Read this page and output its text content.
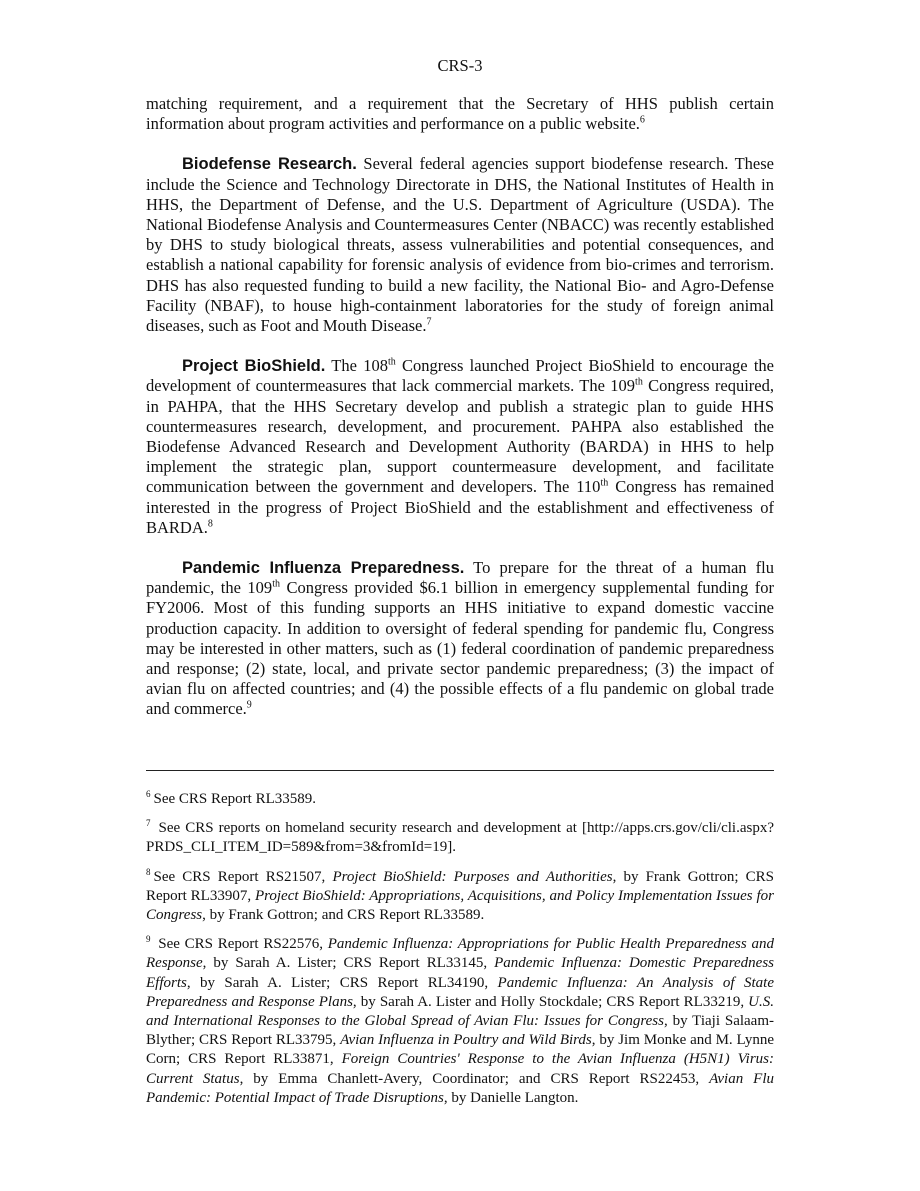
CRS-3

matching requirement, and a requirement that the Secretary of HHS publish certain information about program activities and performance on a public website.$^6$

Biodefense Research. Several federal agencies support biodefense research. These include the Science and Technology Directorate in DHS, the National Institutes of Health in HHS, the Department of Defense, and the U.S. Department of Agriculture (USDA). The National Biodefense Analysis and Countermeasures Center (NBACC) was recently established by DHS to study biological threats, assess vulnerabilities and potential consequences, and establish a national capability for forensic analysis of evidence from bio-crimes and terrorism. DHS has also requested funding to build a new facility, the National Bio- and Agro-Defense Facility (NBAF), to house high-containment laboratories for the study of foreign animal diseases, such as Foot and Mouth Disease.$^7$

Project BioShield. The 108th Congress launched Project BioShield to encourage the development of countermeasures that lack commercial markets. The 109th Congress required, in PAHPA, that the HHS Secretary develop and publish a strategic plan to guide HHS countermeasures research, development, and procurement. PAHPA also established the Biodefense Advanced Research and Development Authority (BARDA) in HHS to help implement the strategic plan, support countermeasure development, and facilitate communication between the government and developers. The 110th Congress has remained interested in the progress of Project BioShield and the establishment and effectiveness of BARDA.$^8$

Pandemic Influenza Preparedness. To prepare for the threat of a human flu pandemic, the 109th Congress provided $6.1 billion in emergency supplemental funding for FY2006. Most of this funding supports an HHS initiative to expand domestic vaccine production capacity. In addition to oversight of federal spending for pandemic flu, Congress may be interested in other matters, such as (1) federal coordination of pandemic preparedness and response; (2) state, local, and private sector pandemic preparedness; (3) the impact of avian flu on affected countries; and (4) the possible effects of a flu pandemic on global trade and commerce.$^9$

$^6$ See CRS Report RL33589.

$^7$ See CRS reports on homeland security research and development at [http://apps.crs.gov/cli/cli.aspx?PRDS_CLI_ITEM_ID=589&from=3&fromId=19].

$^8$ See CRS Report RS21507, Project BioShield: Purposes and Authorities, by Frank Gottron; CRS Report RL33907, Project BioShield: Appropriations, Acquisitions, and Policy Implementation Issues for Congress, by Frank Gottron; and CRS Report RL33589.

$^9$ See CRS Report RS22576, Pandemic Influenza: Appropriations for Public Health Preparedness and Response, by Sarah A. Lister; CRS Report RL33145, Pandemic Influenza: Domestic Preparedness Efforts, by Sarah A. Lister; CRS Report RL34190, Pandemic Influenza: An Analysis of State Preparedness and Response Plans, by Sarah A. Lister and Holly Stockdale; CRS Report RL33219, U.S. and International Responses to the Global Spread of Avian Flu: Issues for Congress, by Tiaji Salaam-Blyther; CRS Report RL33795, Avian Influenza in Poultry and Wild Birds, by Jim Monke and M. Lynne Corn; CRS Report RL33871, Foreign Countries' Response to the Avian Influenza (H5N1) Virus: Current Status, by Emma Chanlett-Avery, Coordinator; and CRS Report RS22453, Avian Flu Pandemic: Potential Impact of Trade Disruptions, by Danielle Langton.
